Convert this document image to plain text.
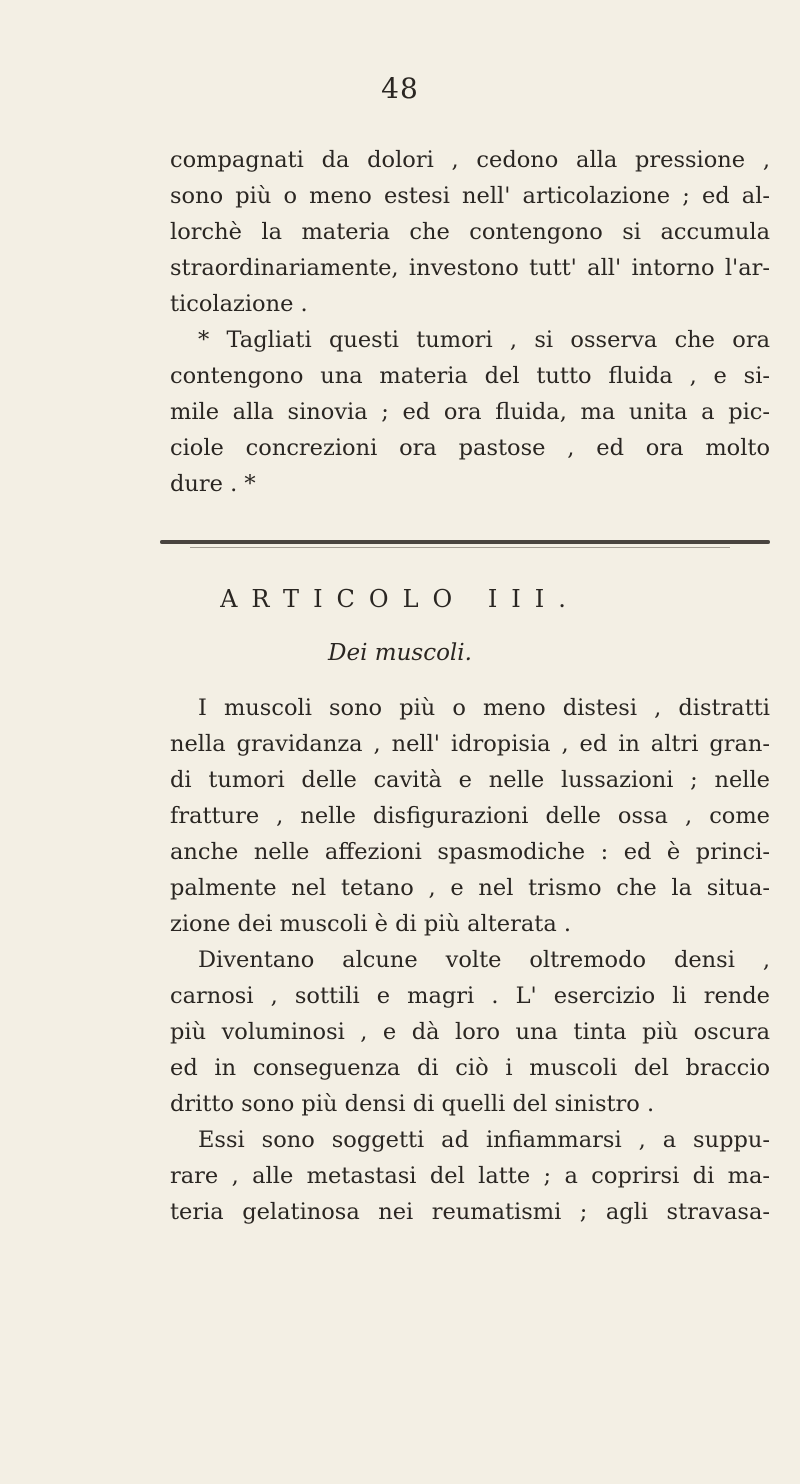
48
compagnati da dolori , cedono alla pressione ,
sono più o meno estesi nell' articolazione ; ed al-
lorchè la materia che contengono si accumula
straordinariamente, investono tutt' all' intorno l'ar-
ticolazione .
* Tagliati questi tumori , si osserva che ora
contengono una materia del tutto fluida , e si-
mile alla sinovia ; ed ora fluida, ma unita a pic-
ciole concrezioni ora pastose , ed ora molto
dure . *
ARTICOLO III.
Dei muscoli.
I muscoli sono più o meno distesi , distratti
nella gravidanza , nell' idropisia , ed in altri gran-
di tumori delle cavità e nelle lussazioni ; nelle
fratture , nelle disfigurazioni delle ossa , come
anche nelle affezioni spasmodiche : ed è princi-
palmente nel tetano , e nel trismo che la situa-
zione dei muscoli è di più alterata .
Diventano alcune volte oltremodo densi ,
carnosi , sottili e magri . L' esercizio li rende
più voluminosi , e dà loro una tinta più oscura
ed in conseguenza di ciò i muscoli del braccio
dritto sono più densi di quelli del sinistro .
Essi sono soggetti ad infiammarsi , a suppu-
rare , alle metastasi del latte ; a coprirsi di ma-
teria gelatinosa nei reumatismi ; agli stravasa-
